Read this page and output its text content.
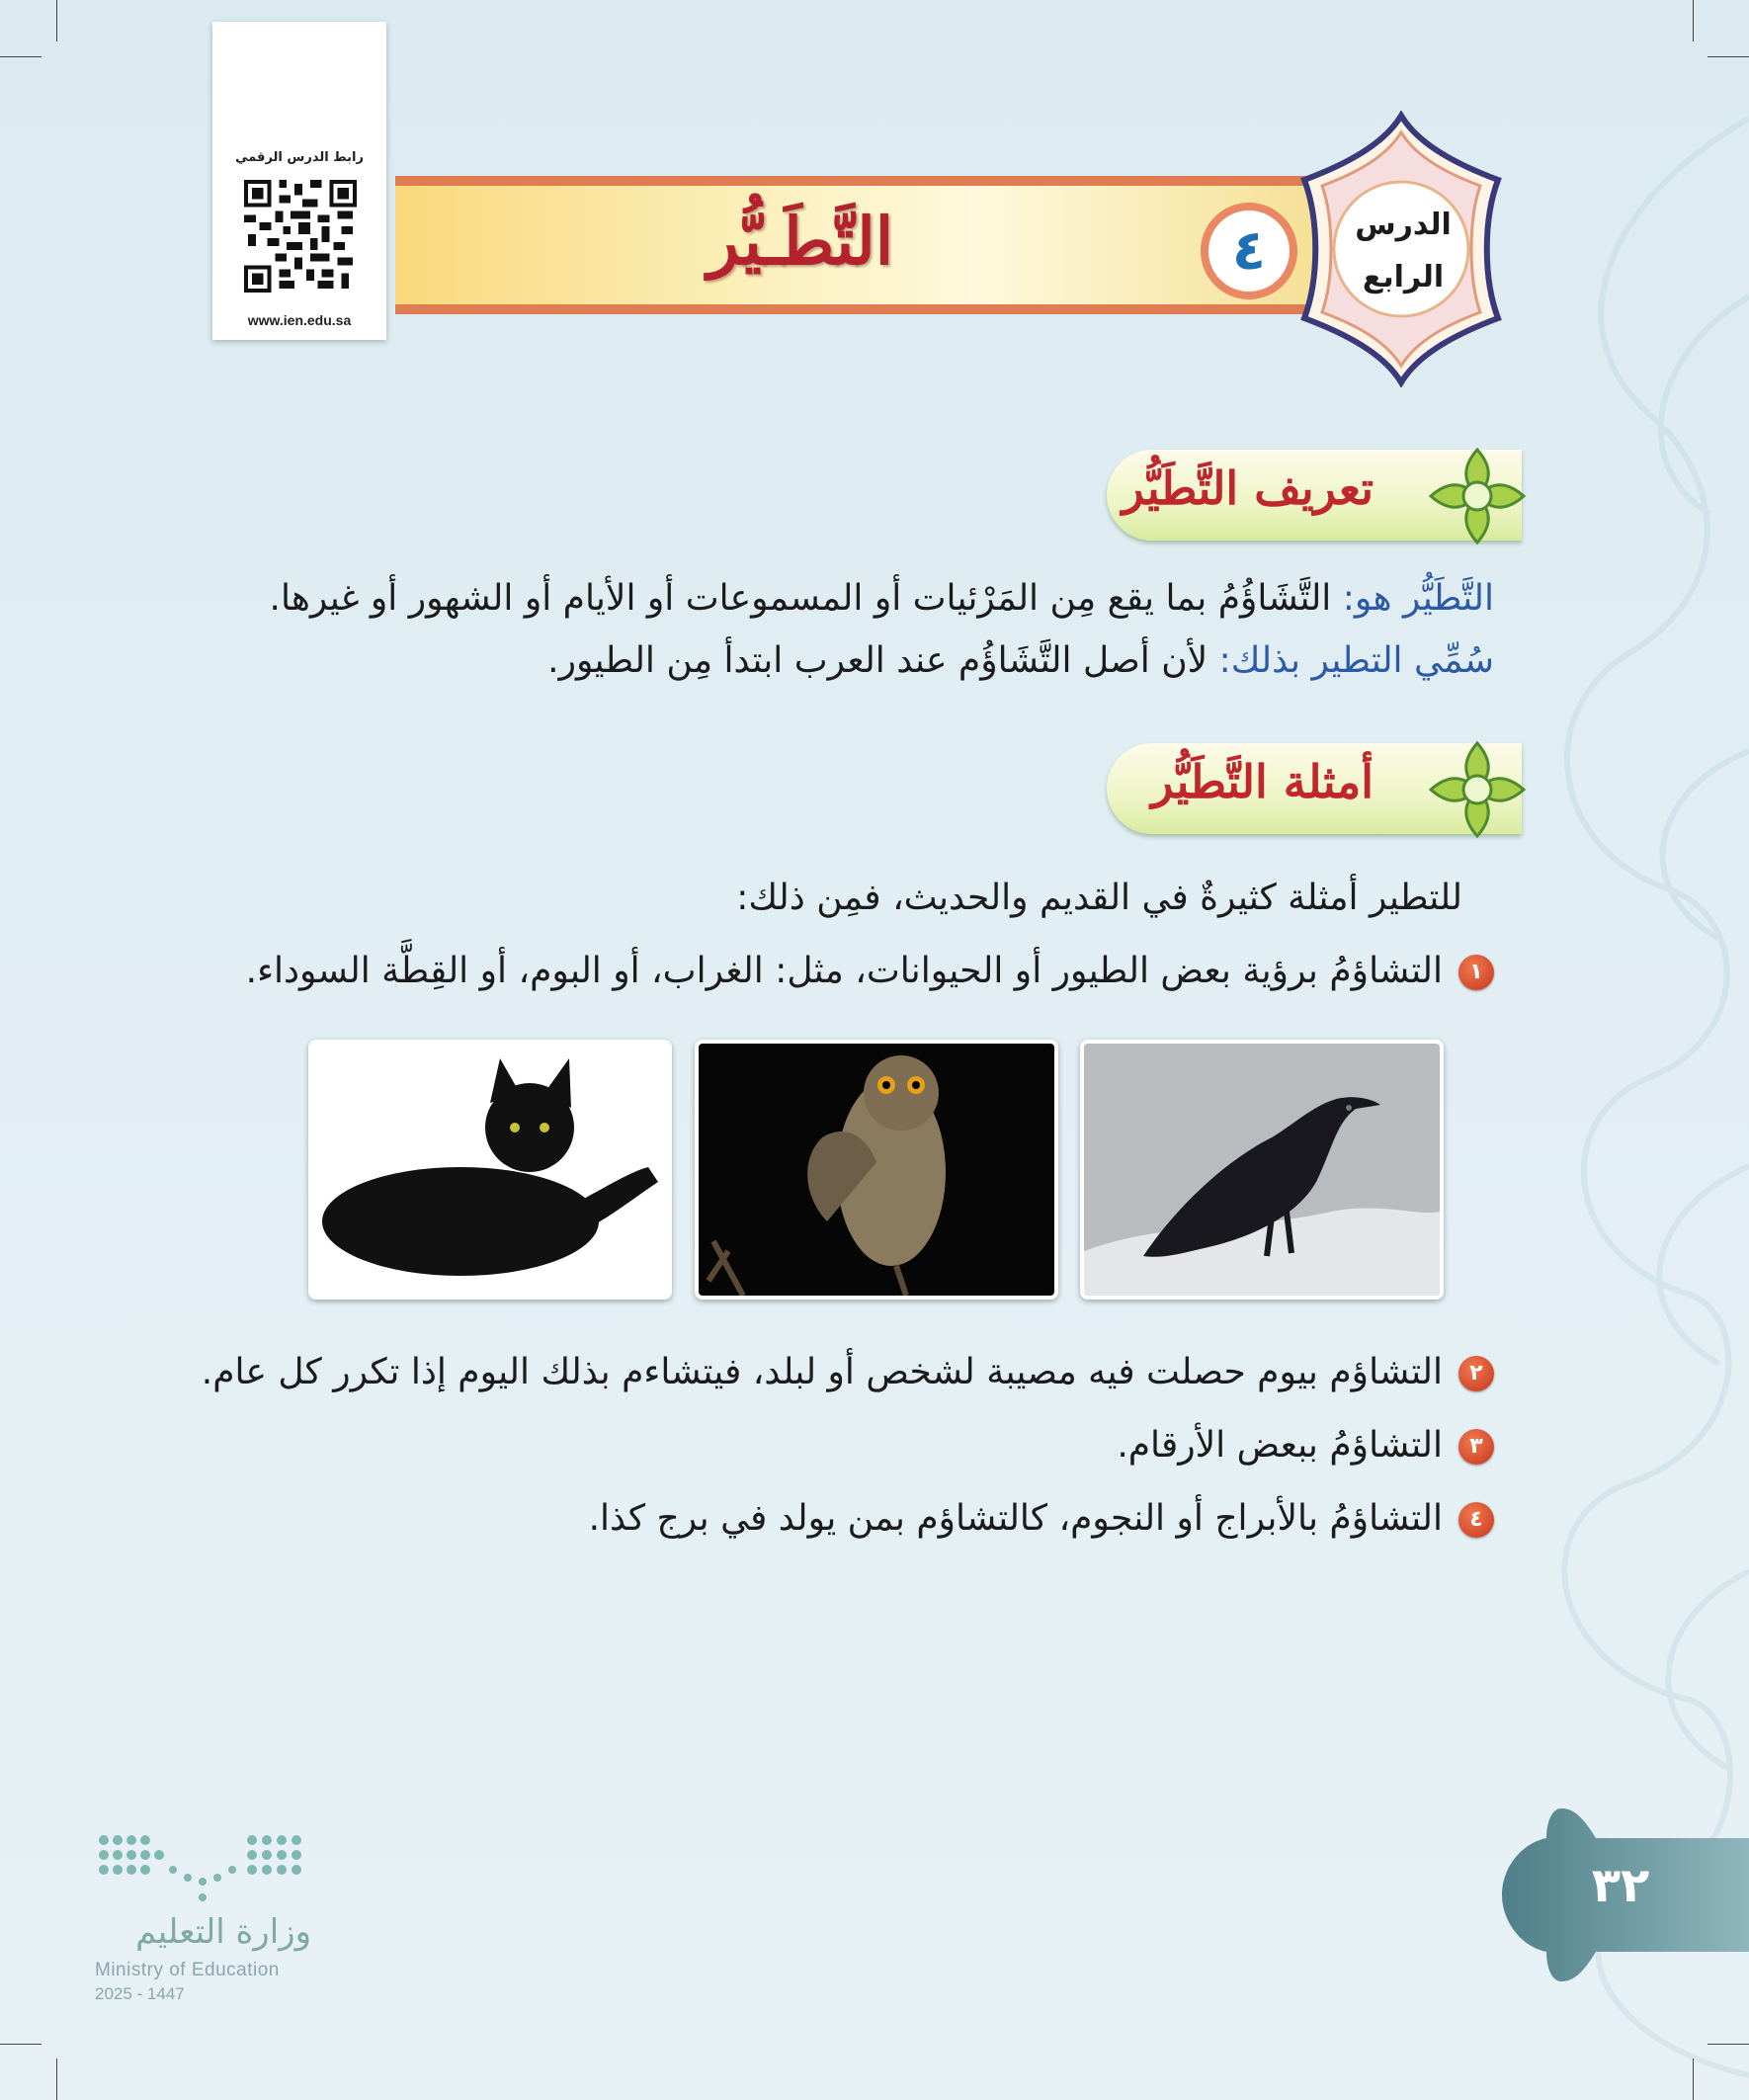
رابط الدرس الرقمي
www.ien.edu.sa
التَّطَـيُّر	٤	الدرس
الرابع
تعريف التَّطَيُّر
التَّطَيُّر هو: التَّشَاؤُمُ بما يقع مِن المَرْئيات أو المسموعات أو الأيام أو الشهور أو غيرها.
سُمِّي التطير بذلك: لأن أصل التَّشَاؤُم عند العرب ابتدأ مِن الطيور.
أمثلة التَّطَيُّر
للتطير أمثلة كثيرةٌ في القديم والحديث، فمِن ذلك:
١التشاؤمُ برؤية بعض الطيور أو الحيوانات، مثل: الغراب، أو البوم، أو القِطَّة السوداء.
٢التشاؤم بيوم حصلت فيه مصيبة لشخص أو لبلد، فيتشاءم بذلك اليوم إذا تكرر كل عام.
٣التشاؤمُ ببعض الأرقام.
٤التشاؤمُ بالأبراج أو النجوم، كالتشاؤم بمن يولد في برج كذا.
٣٢
وزارة التعليم
Ministry of Education
2025 - 1447
